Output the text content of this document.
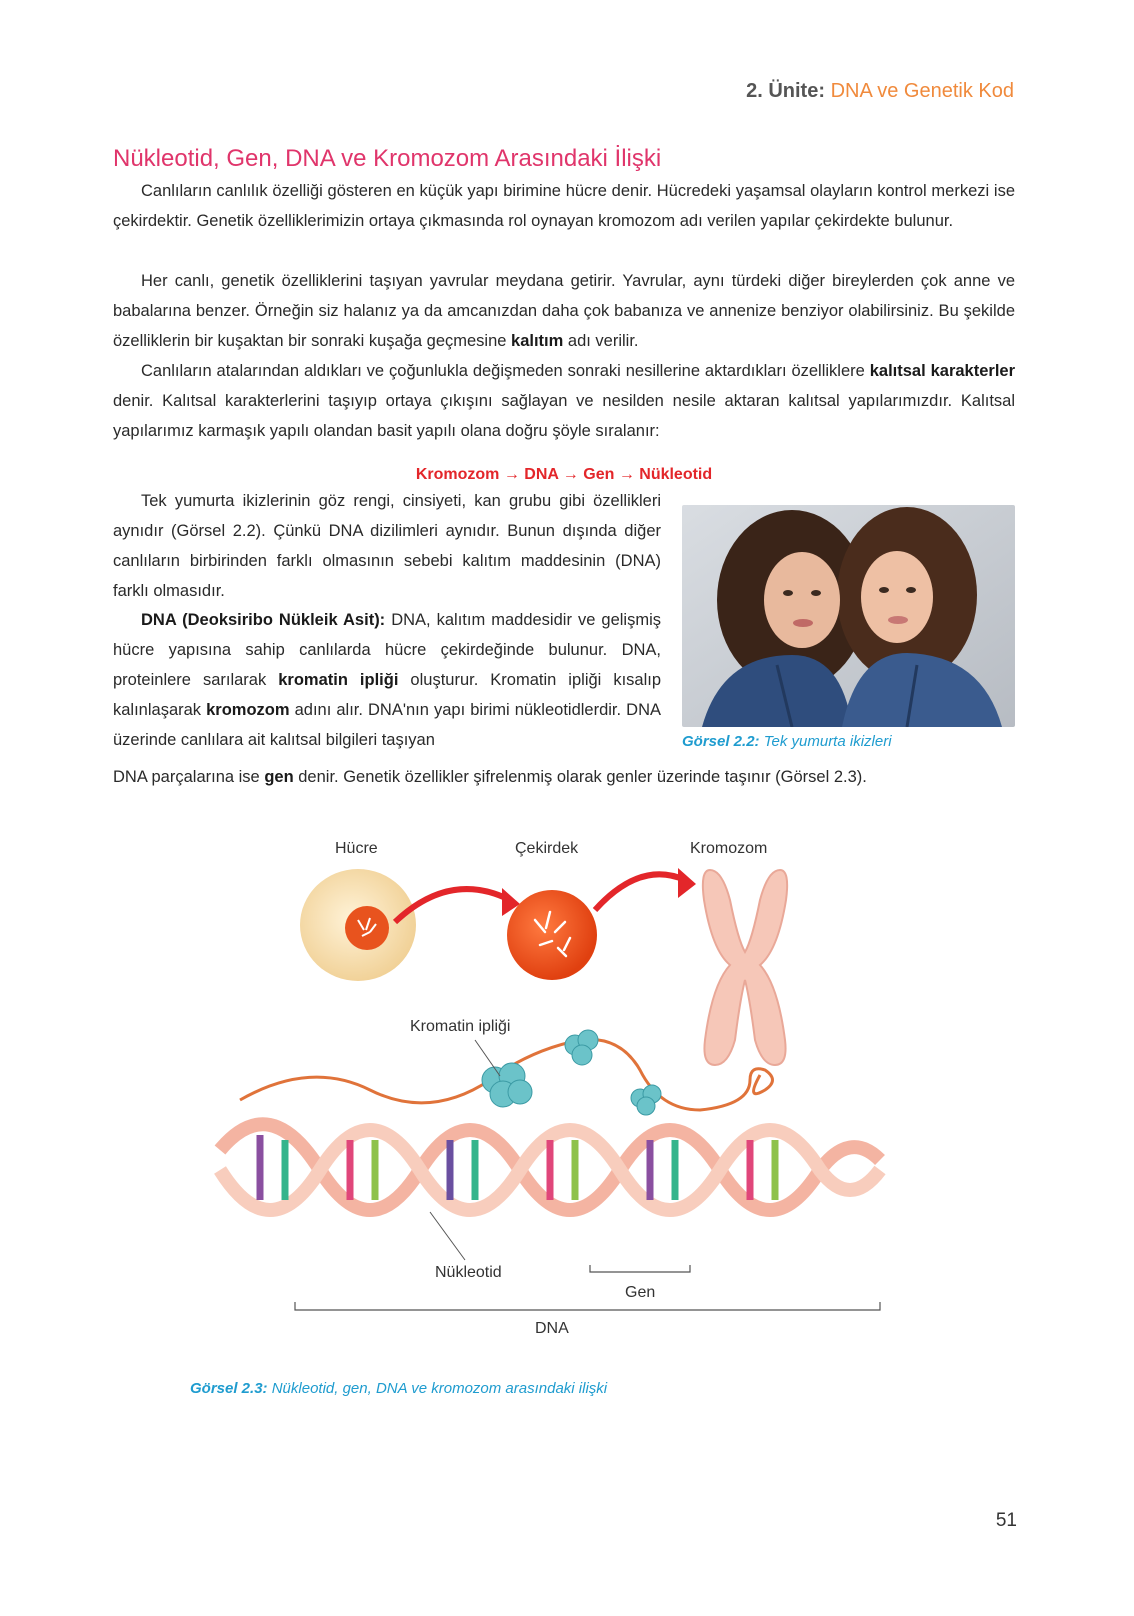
2. Ünite: DNA ve Genetik Kod
Nükleotid, Gen, DNA ve Kromozom Arasındaki İlişki

Canlıların canlılık özelliği gösteren en küçük yapı birimine hücre denir. Hücredeki yaşamsal olayların kontrol merkezi ise çekirdektir. Genetik özelliklerimizin ortaya çıkmasında rol oynayan kromozom adı verilen yapılar çekirdekte bulunur.

Her canlı, genetik özelliklerini taşıyan yavrular meydana getirir. Yavrular, aynı türdeki diğer bireylerden çok anne ve babalarına benzer. Örneğin siz halanız ya da amcanızdan daha çok babanıza ve annenize benziyor olabilirsiniz. Bu şekilde özelliklerin bir kuşaktan bir sonraki kuşağa geçmesine kalıtım adı verilir.

Canlıların atalarından aldıkları ve çoğunlukla değişmeden sonraki nesillerine aktardıkları özelliklere kalıtsal karakterler denir. Kalıtsal karakterlerini taşıyıp ortaya çıkışını sağlayan ve nesilden nesile aktaran kalıtsal yapılarımızdır. Kalıtsal yapılarımız karmaşık yapılı olandan basit yapılı olana doğru şöyle sıralanır:

Kromozom → DNA → Gen → Nükleotid

Tek yumurta ikizlerinin göz rengi, cinsiyeti, kan grubu gibi özellikleri aynıdır (Görsel 2.2). Çünkü DNA dizilimleri aynıdır. Bunun dışında diğer canlıların birbirinden farklı olmasının sebebi kalıtım maddesinin (DNA) farklı olmasıdır.

DNA (Deoksiribo Nükleik Asit): DNA, kalıtım maddesidir ve gelişmiş hücre yapısına sahip canlılarda hücre çekirdeğinde bulunur. DNA, proteinlere sarılarak kromatin ipliği oluşturur. Kromatin ipliği kısalıp kalınlaşarak kromozom adını alır. DNA'nın yapı birimi nükleotidlerdir. DNA üzerinde canlılara ait kalıtsal bilgileri taşıyan

DNA parçalarına ise gen denir. Genetik özellikler şifrelenmiş olarak genler üzerinde taşınır (Görsel 2.3).

Görsel 2.2: Tek yumurta ikizleri
Hücre	Çekirdek	Kromozom
Kromatin ipliği
Nükleotid
Gen
DNA
Görsel 2.3: Nükleotid, gen, DNA ve kromozom arasındaki ilişki
51
